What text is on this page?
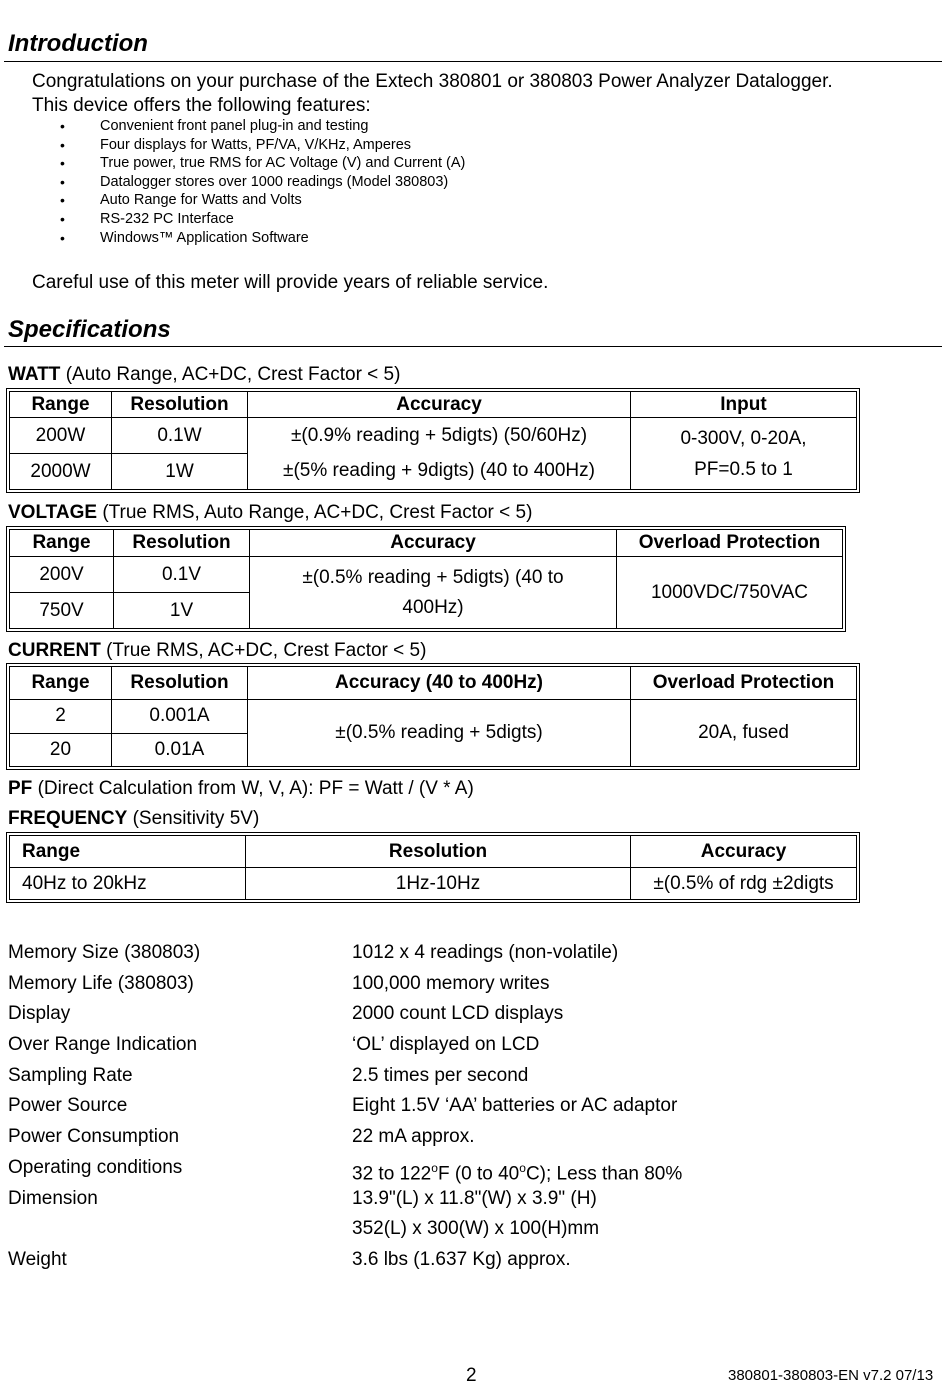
Introduction
Congratulations on your purchase of the Extech 380801 or 380803 Power Analyzer Datalogger.
This device offers the following features:
• Convenient front panel plug-in and testing
• Four displays for Watts, PF/VA, V/KHz, Amperes
• True power, true RMS for AC Voltage (V) and Current (A)
• Datalogger stores over 1000 readings (Model 380803)
• Auto Range for Watts and Volts
• RS-232 PC Interface
• Windows™ Application Software
Careful use of this meter will provide years of reliable service.
Specifications
WATT (Auto Range, AC+DC, Crest Factor < 5)
Range	Resolution	Accuracy	Input
200W	0.1W	±(0.9% reading + 5digts) (50/60Hz)	0-300V, 0-20A,
PF=0.5 to 1

2000W	1W	±(5% reading + 9digts) (40 to 400Hz)	
VOLTAGE (True RMS, Auto Range, AC+DC, Crest Factor < 5)
Range	Resolution	Accuracy	Overload Protection
200V	0.1V	±(0.5% reading + 5digts) (40 to 400Hz)	1000VDC/750VAC
750V	1V		
CURRENT (True RMS, AC+DC, Crest Factor < 5)
Range	Resolution	Accuracy (40 to 400Hz)	Overload Protection
2	0.001A	±(0.5% reading + 5digts)	20A, fused
20	0.01A		
PF (Direct Calculation from W, V, A): PF = Watt / (V * A)
FREQUENCY (Sensitivity 5V)
Range	Resolution	Accuracy
40Hz to 20kHz	1Hz-10Hz	±(0.5% of rdg ±2digts
Memory Size (380803)	1012 x 4 readings (non-volatile)
Memory Life (380803)	100,000 memory writes
Display	2000 count LCD displays
Over Range Indication	‘OL’ displayed on LCD
Sampling Rate	2.5 times per second
Power Source	Eight 1.5V ‘AA’ batteries or AC adaptor
Power Consumption	22 mA approx.
Operating conditions	32 to 122$^o$F (0 to 40$^o$C); Less than 80%
Dimension	13.9"(L) x 11.8"(W) x 3.9" (H)
352(L) x 300(W) x 100(H)mm
Weight	3.6 lbs (1.637 Kg) approx.
2	380801-380803-EN v7.2 07/13
